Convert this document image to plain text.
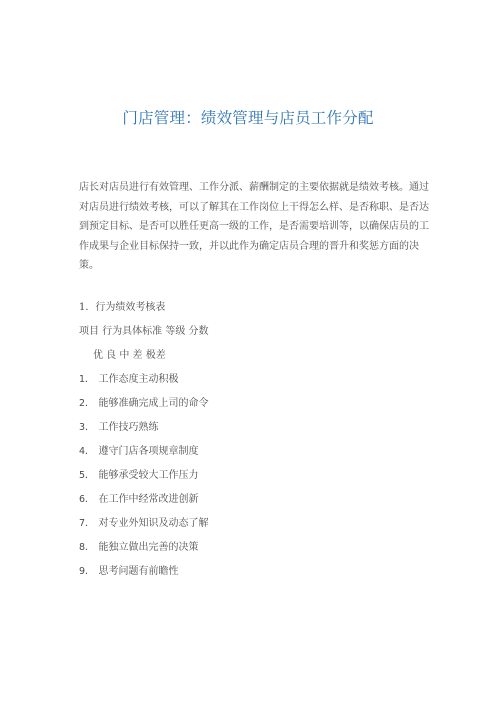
门店管理：绩效管理与店员工作分配
店长对店员进行有效管理、工作分派、薪酬制定的主要依据就是绩效考核。通过
对店员进行绩效考核，可以了解其在工作岗位上干得怎么样、是否称职、是否达
到预定目标、是否可以胜任更高一级的工作，是否需要培训等，以确保店员的工
作成果与企业目标保持一致，并以此作为确定店员合理的晋升和奖惩方面的决
策。
1．行为绩效考核表
项目 行为具体标准 等级 分数
优 良 中 差 极差
1． 工作态度主动积极
2． 能够准确完成上司的命令
3． 工作技巧熟练
4． 遵守门店各项规章制度
5． 能够承受较大工作压力
6． 在工作中经常改进创新
7． 对专业外知识及动态了解
8． 能独立做出完善的决策
9． 思考问题有前瞻性
